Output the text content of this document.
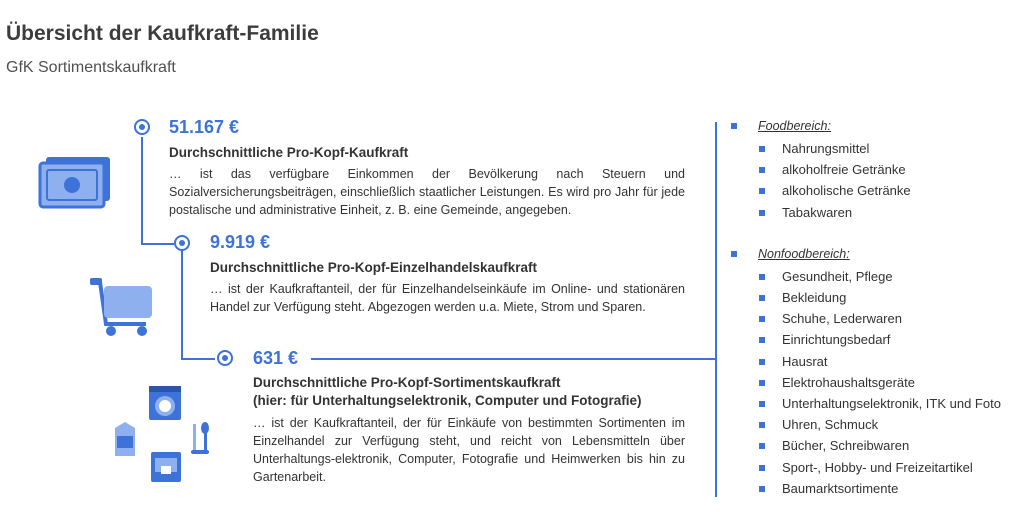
Übersicht der Kaufkraft-Familie

GfK Sortimentskaufkraft

51.167 €
Durchschnittliche Pro-Kopf-Kaufkraft
… ist das verfügbare Einkommen der Bevölkerung nach Steuern und Sozialversicherungsbeiträgen, einschließlich staatlicher Leistungen. Es wird pro Jahr für jede postalische und administrative Einheit, z. B. eine Gemeinde, angegeben.
9.919 €
Durchschnittliche Pro-Kopf-Einzelhandelskaufkraft
… ist der Kaufkraftanteil, der für Einzelhandelseinkäufe im Online- und stationären Handel zur Verfügung steht. Abgezogen werden u.a. Miete, Strom und Sparen.
631 €
Durchschnittliche Pro-Kopf-Sortimentskaufkraft
(hier: für Unterhaltungselektronik, Computer und Fotografie)
… ist der Kaufkraftanteil, der für Einkäufe von bestimmten Sortimenten im Einzelhandel zur Verfügung steht, und reicht von Lebensmitteln über Unterhaltungs-elektronik, Computer, Fotografie und Heimwerken bis hin zu Gartenarbeit.
Foodbereich:
Nahrungsmittel
alkoholfreie Getränke
alkoholische Getränke
Tabakwaren
Nonfoodbereich:
Gesundheit, Pflege
Bekleidung
Schuhe, Lederwaren
Einrichtungsbedarf
Hausrat
Elektrohaushaltsgeräte
Unterhaltungselektronik, ITK und Foto
Uhren, Schmuck
Bücher, Schreibwaren
Sport-, Hobby- und Freizeitartikel
Baumarktsortimente
